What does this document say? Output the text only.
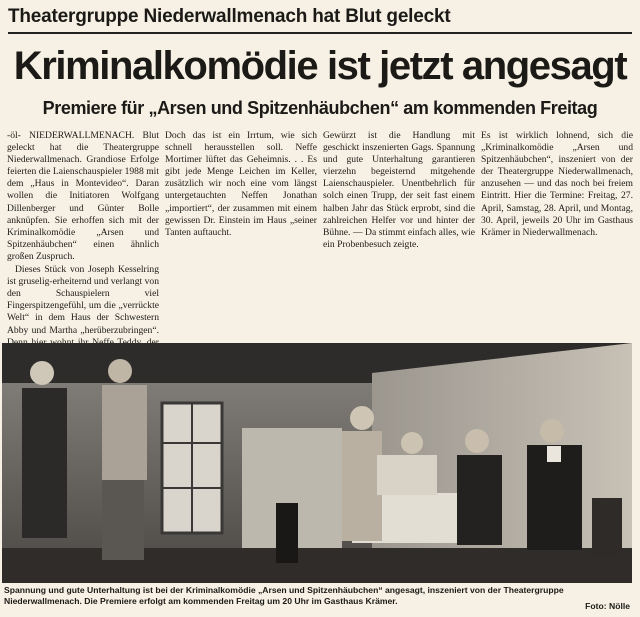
Theatergruppe Niederwallmenach hat Blut geleckt
Kriminalkomödie ist jetzt angesagt
Premiere für „Arsen und Spitzenhäubchen“ am kommenden Freitag

-öl- NIEDERWALLMENACH. Blut geleckt hat die Theatergruppe Niederwallmenach. Grandiose Erfolge feierten die Laienschauspieler 1988 mit dem „Haus in Montevideo“. Daran wollen die Initiatoren Wolfgang Dillenberger und Günter Bolle anknüpfen. Sie erhoffen sich mit der Kriminalkomödie „Arsen und Spitzenhäubchen“ einen ähnlich großen Zuspruch.

Dieses Stück von Joseph Kesselring ist gruselig-erheiternd und verlangt von den Schauspielern viel Fingerspitzengefühl, um die „verrückte Welt“ in dem Haus der Schwestern Abby und Martha „herüberzubringen“.

Doch das ist ein Irrtum, wie sich schnell herausstellen soll. Neffe Mortimer lüftet das Geheimnis. . . Es gibt jede Menge Leichen im Keller, zusätzlich wir noch eine vom längst untergetauchten Neffen Jonathan „importiert“, der zusammen mit einem gewissen Dr. Einstein im Haus „seiner Tanten auftaucht.

Gewürzt ist die Handlung mit geschickt inszenierten Gags. Spannung und gute Unterhaltung garantieren vierzehn begeisternd mitgehende Laienschauspieler. Unentbehrlich für solch einen Trupp, der seit fast einem halben Jahr das Stück erprobt, sind die zahlreichen Helfer vor und hinter der Bühne. — Da stimmt einfach alles, wie ein Probenbesuch zeigte.

Es ist wirklich lohnend, sich die „Kriminalkomödie „Arsen und Spitzenhäubchen“, inszeniert von der der Theatergruppe Niederwallmenach, anzusehen — und das noch bei freiem Eintritt. Hier die Termine: Freitag, 27. April, Samstag, 28. April, und Montag, 30. April, jeweils 20 Uhr im Gasthaus Krämer in Niederwallmenach.

Spannung und gute Unterhaltung ist bei der Kriminalkomödie „Arsen und Spitzenhäubchen“ angesagt, inszeniert von der Theatergruppe Niederwallmenach. Die Premiere erfolgt am kommenden Freitag um 20 Uhr im Gasthaus Krämer.	Foto: Nölle
